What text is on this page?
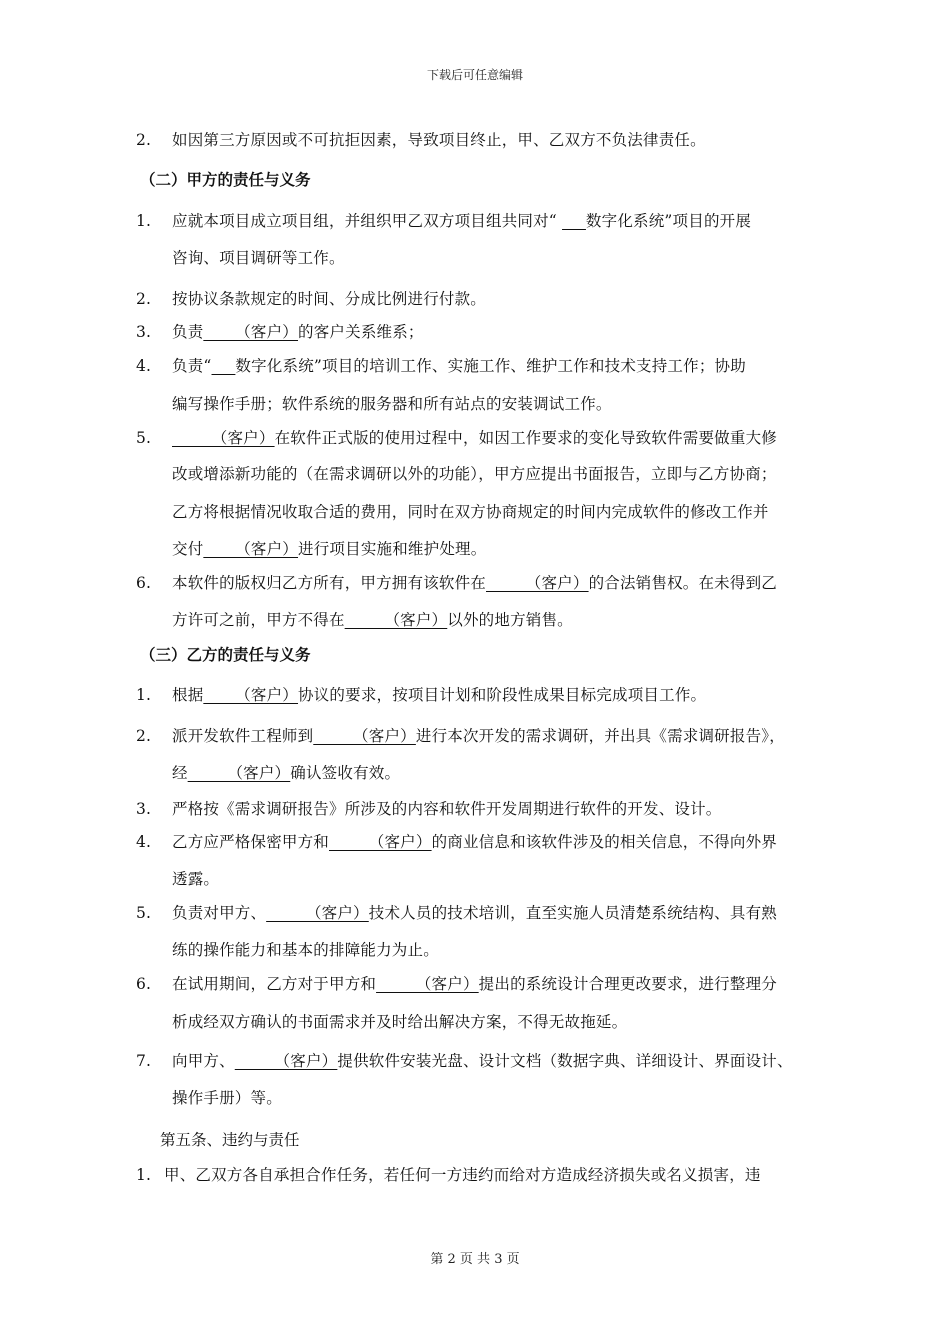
下载后可任意编辑
2. 如因第三方原因或不可抗拒因素，导致项目终止，甲、乙双方不负法律责任。
（二）甲方的责任与义务
1. 应就本项目成立项目组，并组织甲乙双方项目组共同对“ ___数字化系统”项目的开展
咨询、项目调研等工作。
2. 按协议条款规定的时间、分成比例进行付款。
3. 负责____（客户）的客户关系维系；
4. 负责“___数字化系统”项目的培训工作、实施工作、维护工作和技术支持工作；协助
编写操作手册；软件系统的服务器和所有站点的安装调试工作。
5. _____（客户）在软件正式版的使用过程中，如因工作要求的变化导致软件需要做重大修
改或增添新功能的（在需求调研以外的功能），甲方应提出书面报告，立即与乙方协商；
乙方将根据情况收取合适的费用，同时在双方协商规定的时间内完成软件的修改工作并
交付____（客户）进行项目实施和维护处理。
6. 本软件的版权归乙方所有，甲方拥有该软件在_____（客户）的合法销售权。在未得到乙
方许可之前，甲方不得在_____（客户）以外的地方销售。
（三）乙方的责任与义务
1. 根据____（客户）协议的要求，按项目计划和阶段性成果目标完成项目工作。
2. 派开发软件工程师到_____（客户）进行本次开发的需求调研，并出具《需求调研报告》，
经_____（客户）确认签收有效。
3. 严格按《需求调研报告》所涉及的内容和软件开发周期进行软件的开发、设计。
4. 乙方应严格保密甲方和_____（客户）的商业信息和该软件涉及的相关信息，不得向外界
透露。
5. 负责对甲方、_____（客户）技术人员的技术培训，直至实施人员清楚系统结构、具有熟
练的操作能力和基本的排障能力为止。
6. 在试用期间，乙方对于甲方和_____（客户）提出的系统设计合理更改要求，进行整理分
析成经双方确认的书面需求并及时给出解决方案，不得无故拖延。
7. 向甲方、_____（客户）提供软件安装光盘、设计文档（数据字典、详细设计、界面设计、
操作手册）等。
第五条、违约与责任
1. 甲、乙双方各自承担合作任务，若任何一方违约而给对方造成经济损失或名义损害，违
第 2 页 共 3 页
